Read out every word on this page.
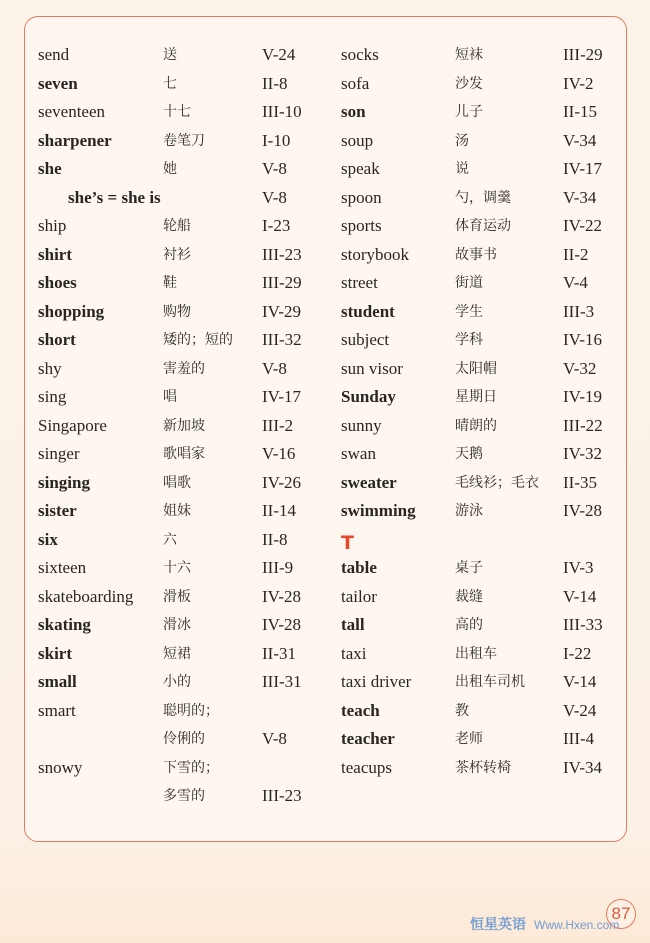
send	送	V-24
seven	七	II-8
seventeen	十七	III-10
sharpener	卷笔刀	I-10
she	她	V-8
she’s = she is	V-8
ship	轮船	I-23
shirt	衬衫	III-23
shoes	鞋	III-29
shopping	购物	IV-29
short	矮的；短的 III-32
shy	害羞的	V-8
sing	唱	IV-17
Singapore	新加坡	III-2
singer	歌唱家	V-16
singing	唱歌	IV-26
sister	姐妹	II-14
six	六	II-8
sixteen	十六	III-9
skateboarding 滑板	IV-28
skating	滑冰	IV-28
skirt	短裙	II-31
small	小的	III-31
smart	聪明的；
伶俐的	V-8
snowy	下雪的；
多雪的	III-23
socks	短袜	III-29
sofa	沙发	IV-2
son	儿子	II-15
soup	汤	V-34
speak	说	IV-17
spoon	勺，调羹	V-34
sports	体育运动	IV-22
storybook	故事书	II-2
street	街道	V-4
student	学生	III-3
subject	学科	IV-16
sun visor	太阳帽	V-32
Sunday	星期日	IV-19
sunny	晴朗的	III-22
swan	天鹅	IV-32
sweater	毛线衫；毛衣 II-35
swimming	游泳	IV-28
T
table	桌子	IV-3
tailor	裁缝	V-14
tall	高的	III-33
taxi	出租车	I-22
taxi driver	出租车司机 V-14
teach	教	V-24
teacher	老师	III-4
teacups	茶杯转椅	IV-34
87
恒星英语 Www.Hxen.com
